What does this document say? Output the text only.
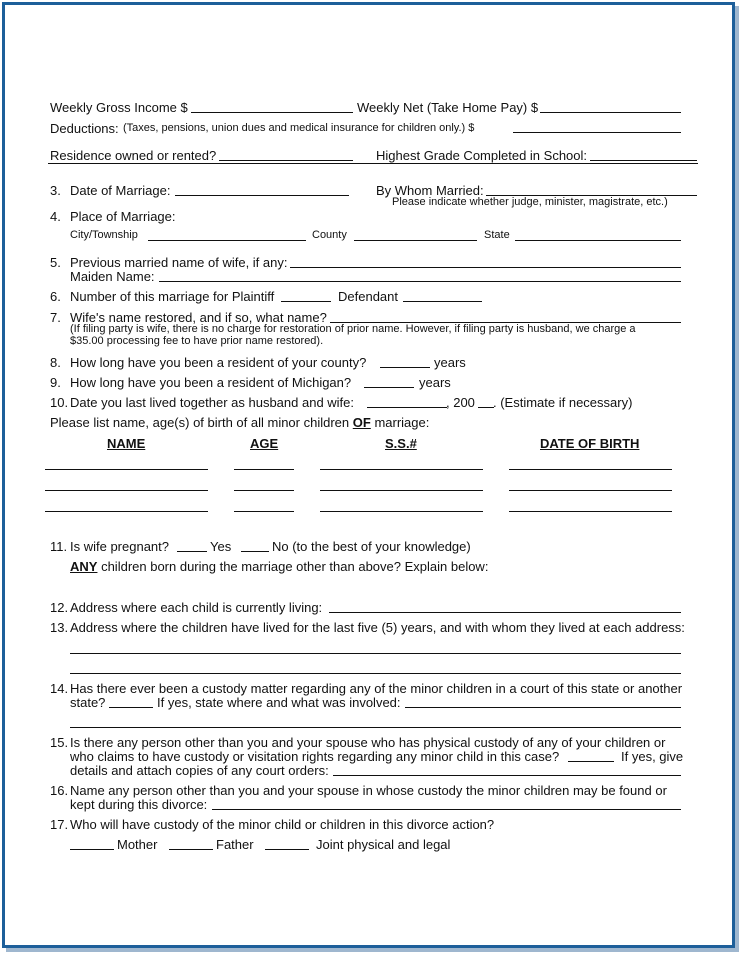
Weekly Gross Income $	Weekly Net (Take Home Pay) $
Deductions: (Taxes, pensions, union dues and medical insurance for children only.) $
Residence owned or rented?	Highest Grade Completed in School:
3. Date of Marriage:	By Whom Married:
Please indicate whether judge, minister, magistrate, etc.)
4. Place of Marriage:
City/Township	County	State
5. Previous married name of wife, if any:
Maiden Name:
6. Number of this marriage for Plaintiff	Defendant
7. Wife's name restored, and if so, what name?
(If filing party is wife, there is no charge for restoration of prior name. However, if filing party is husband, we charge a
$35.00 processing fee to have prior name restored).
8. How long have you been a resident of your county?	years
9. How long have you been a resident of Michigan?	years
10. Date you last lived together as husband and wife:	, 200 . (Estimate if necessary)
Please list name, age(s) of birth of all minor children OF marriage:
NAME	AGE	S.S.#	DATE OF BIRTH
11. Is wife pregnant?	Yes	No (to the best of your knowledge)
ANY children born during the marriage other than above? Explain below:
12. Address where each child is currently living:
13. Address where the children have lived for the last five (5) years, and with whom they lived at each address:
14. Has there ever been a custody matter regarding any of the minor children in a court of this state or another
state?	If yes, state where and what was involved:
15. Is there any person other than you and your spouse who has physical custody of any of your children or
who claims to have custody or visitation rights regarding any minor child in this case?	If yes, give
details and attach copies of any court orders:
16. Name any person other than you and your spouse in whose custody the minor children may be found or
kept during this divorce:
17. Who will have custody of the minor child or children in this divorce action?
Mother	Father	Joint physical and legal
